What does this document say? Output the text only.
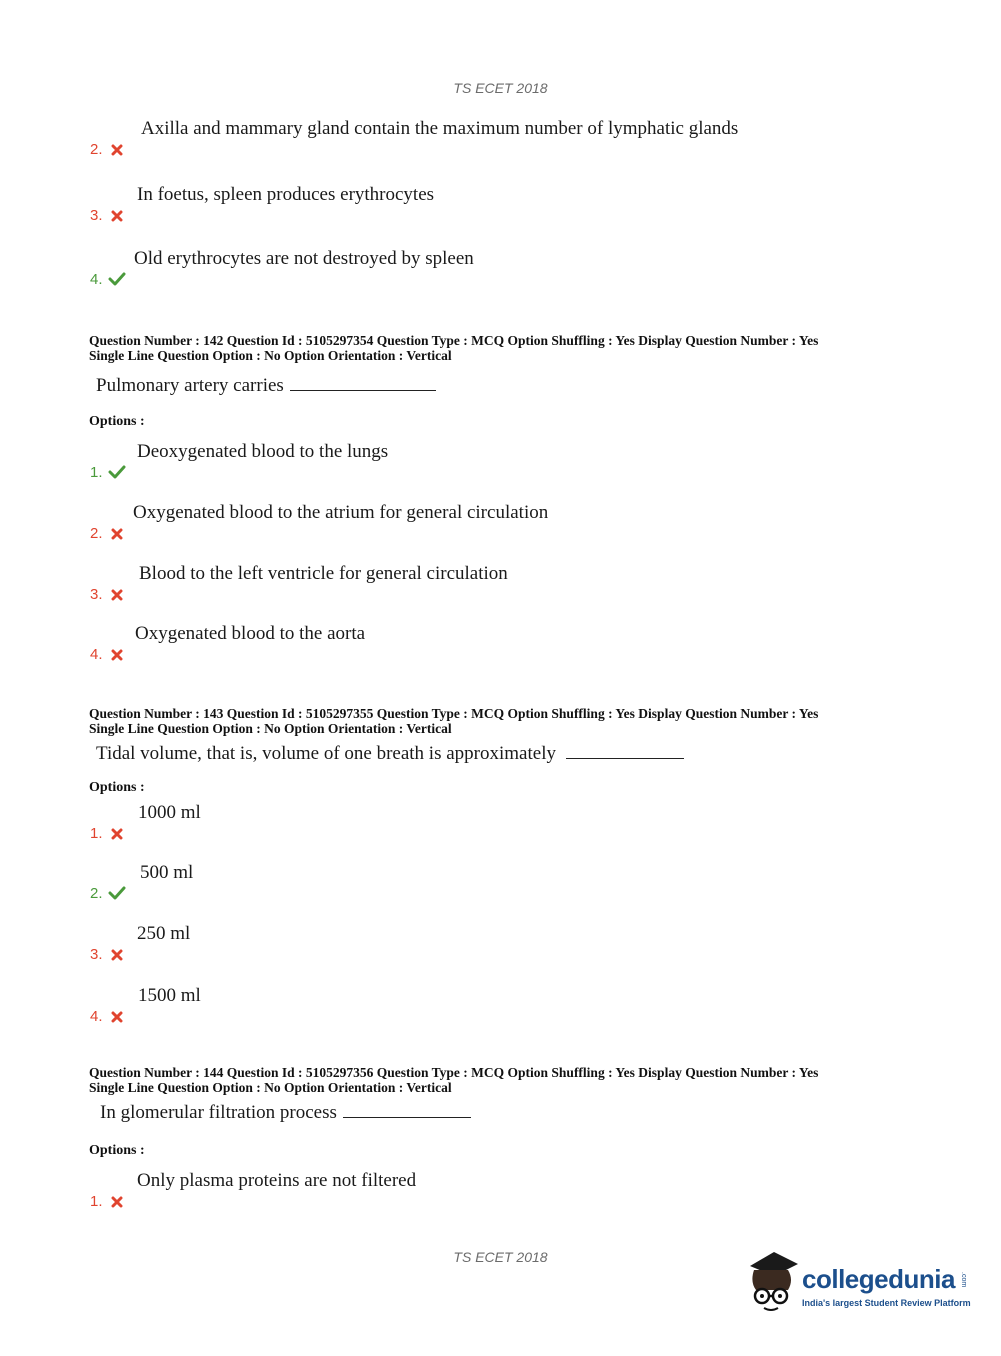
TS ECET 2018
2.
Axilla and mammary gland contain the maximum number of lymphatic glands
3.
In foetus, spleen produces erythrocytes
4.
Old erythrocytes are not destroyed by spleen
Question Number : 142 Question Id : 5105297354 Question Type : MCQ Option Shuffling : Yes Display Question Number : Yes
Single Line Question Option : No Option Orientation : Vertical
Pulmonary artery carries
Options :
1.
Deoxygenated blood to the lungs
2.
Oxygenated blood to the atrium for general circulation
3.
Blood to the left ventricle for general circulation
4.
Oxygenated blood to the aorta
Question Number : 143 Question Id : 5105297355 Question Type : MCQ Option Shuffling : Yes Display Question Number : Yes
Single Line Question Option : No Option Orientation : Vertical
Tidal volume, that is, volume of one breath is approximately
Options :
1.
1000 ml
2.
500 ml
3.
250 ml
4.
1500 ml
Question Number : 144 Question Id : 5105297356 Question Type : MCQ Option Shuffling : Yes Display Question Number : Yes
Single Line Question Option : No Option Orientation : Vertical
In glomerular filtration process
Options :
1.
Only plasma proteins are not filtered
TS ECET 2018
collegedunia .com
India's largest Student Review Platform
